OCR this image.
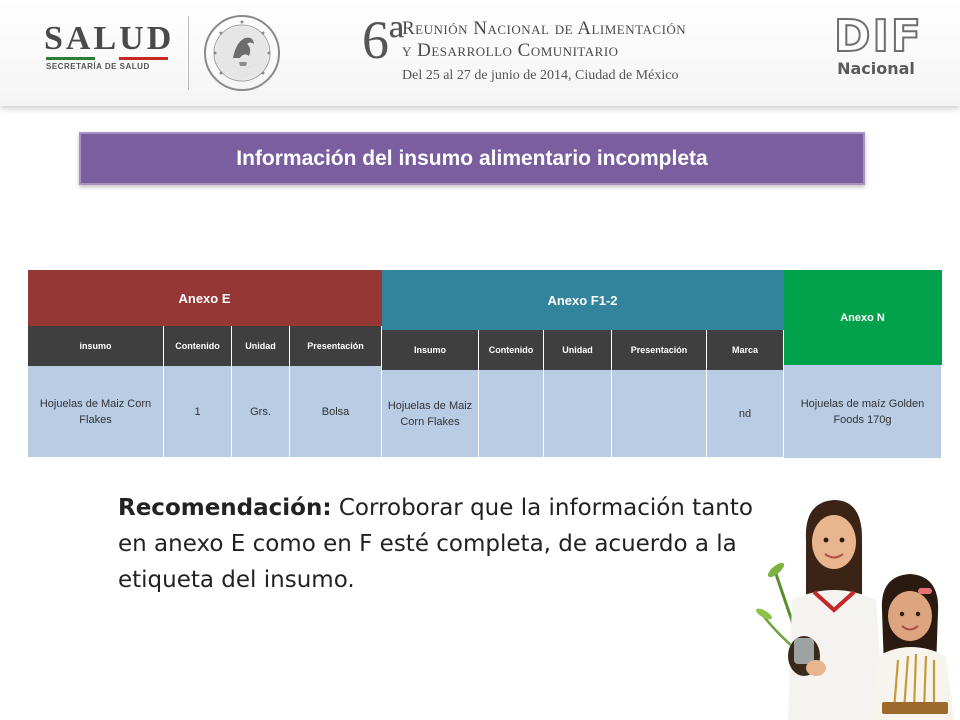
SALUD
SECRETARÍA DE SALUD	6ª
Reunión Nacional de Alimentación
y Desarrollo Comunitario
Del 25 al 27 de junio de 2014, Ciudad de México
DIF
Nacional
Información del insumo alimentario incompleta
Anexo E			
insumo	Contenido	Unidad	Presentación
Hojuelas de Maiz Corn Flakes	1	Grs.	Bolsa
Anexo F1-2				
Insumo	Contenido	Unidad	Presentación	Marca
Hojuelas de Maiz Corn Flakes				nd
Anexo N
Hojuelas de maíz Golden Foods 170g
Recomendación: Corroborar que la información tanto en anexo E como en F esté completa, de acuerdo a la etiqueta del insumo.
